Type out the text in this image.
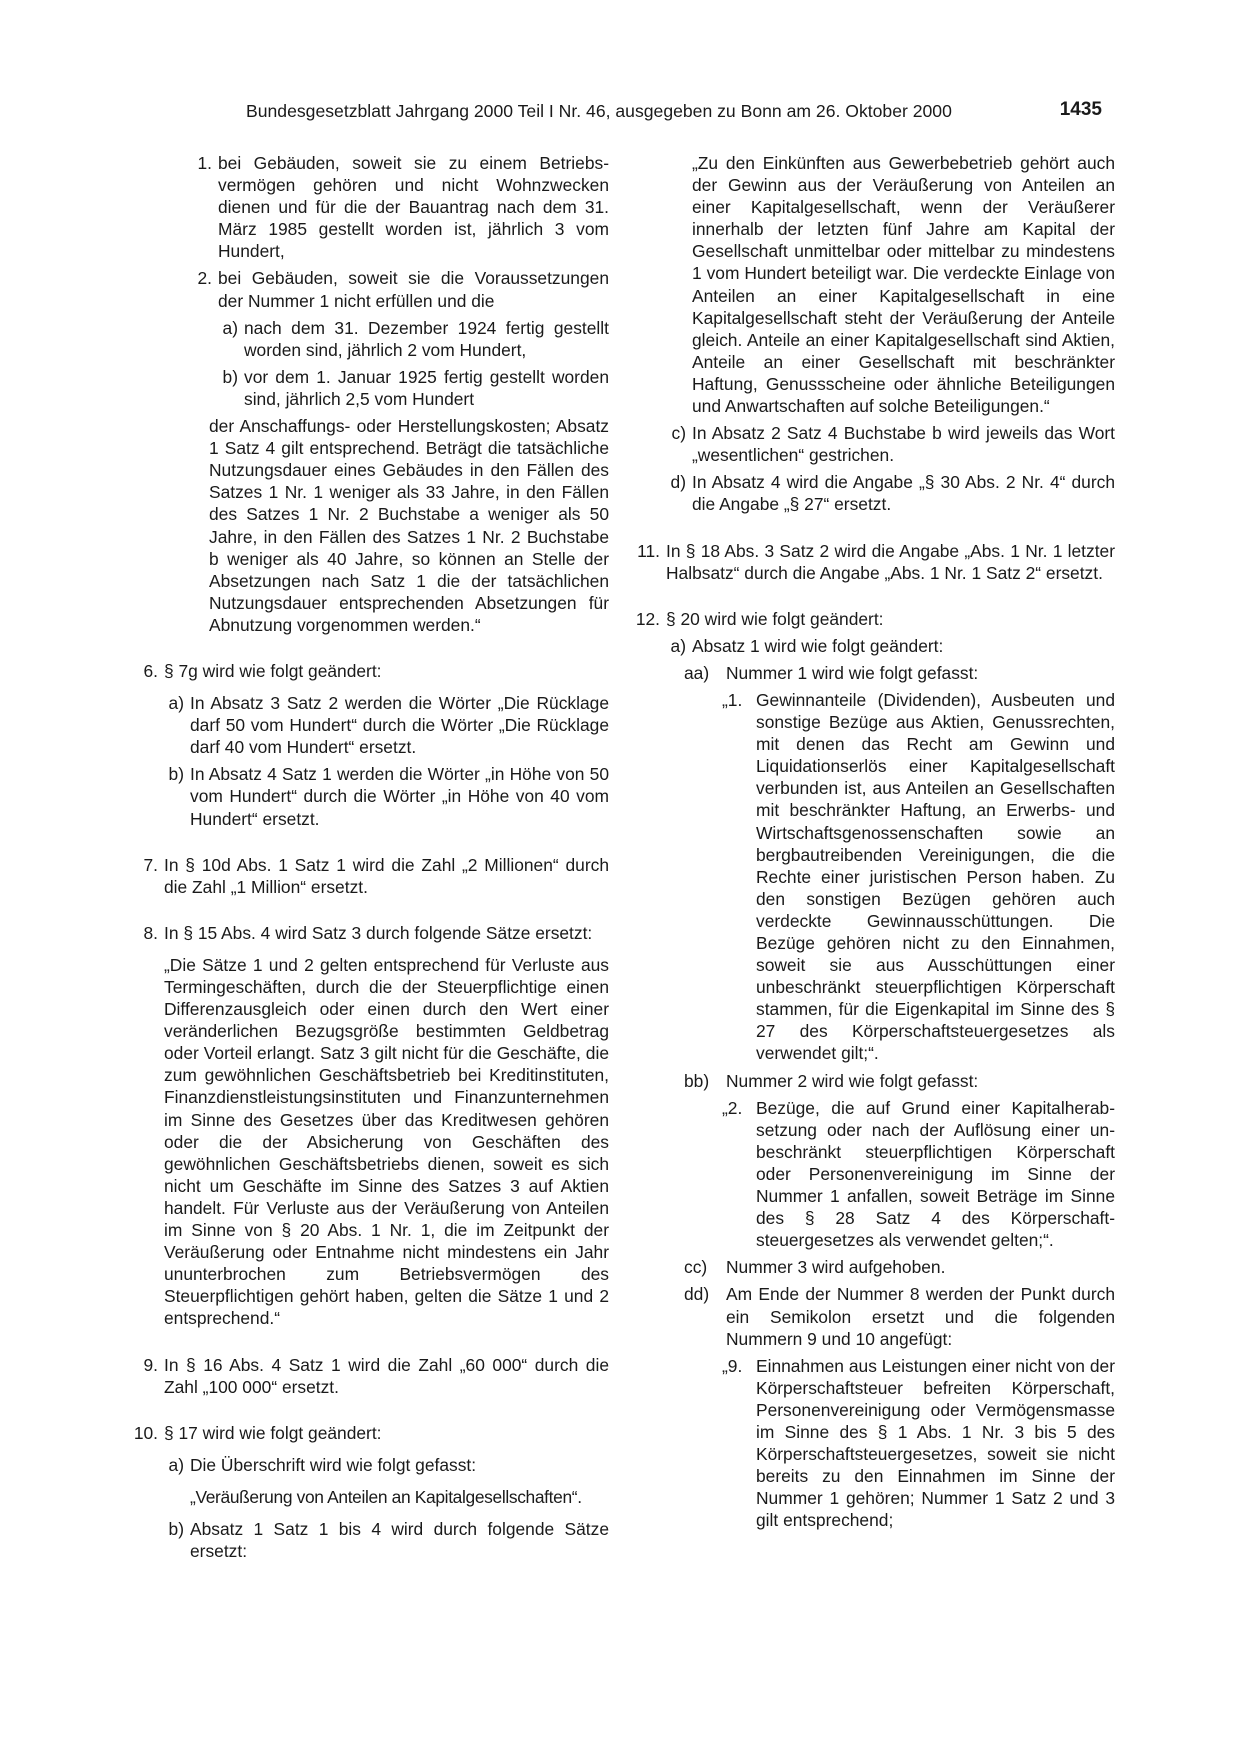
Bundesgesetzblatt Jahrgang 2000 Teil I Nr. 46, ausgegeben zu Bonn am 26. Oktober 2000	1435
1. bei Gebäuden, soweit sie zu einem Betriebsvermögen gehören und nicht Wohnzwecken dienen und für die der Bauantrag nach dem 31. März 1985 gestellt worden ist, jährlich 3 vom Hundert,
2. bei Gebäuden, soweit sie die Voraussetzungen der Nummer 1 nicht erfüllen und die
a) nach dem 31. Dezember 1924 fertig gestellt worden sind, jährlich 2 vom Hundert,
b) vor dem 1. Januar 1925 fertig gestellt worden sind, jährlich 2,5 vom Hundert
der Anschaffungs- oder Herstellungskosten; Absatz 1 Satz 4 gilt entsprechend. Beträgt die tatsächliche Nutzungsdauer eines Gebäudes in den Fällen des Satzes 1 Nr. 1 weniger als 33 Jahre, in den Fällen des Satzes 1 Nr. 2 Buchstabe a weniger als 50 Jahre, in den Fällen des Satzes 1 Nr. 2 Buchstabe b weniger als 40 Jahre, so können an Stelle der Absetzungen nach Satz 1 die der tatsächlichen Nutzungsdauer entsprechenden Absetzungen für Abnutzung vorgenommen werden.“
6. § 7g wird wie folgt geändert:
a) In Absatz 3 Satz 2 werden die Wörter „Die Rücklage darf 50 vom Hundert“ durch die Wörter „Die Rücklage darf 40 vom Hundert“ ersetzt.
b) In Absatz 4 Satz 1 werden die Wörter „in Höhe von 50 vom Hundert“ durch die Wörter „in Höhe von 40 vom Hundert“ ersetzt.
7. In § 10d Abs. 1 Satz 1 wird die Zahl „2 Millionen“ durch die Zahl „1 Million“ ersetzt.
8. In § 15 Abs. 4 wird Satz 3 durch folgende Sätze ersetzt:
„Die Sätze 1 und 2 gelten entsprechend für Verluste aus Termingeschäften, durch die der Steuerpflichtige einen Differenzausgleich oder einen durch den Wert einer veränderlichen Bezugsgröße bestimmten Geldbetrag oder Vorteil erlangt. Satz 3 gilt nicht für die Geschäfte, die zum gewöhnlichen Geschäftsbetrieb bei Kreditinstituten, Finanzdienstleistungsinstituten und Finanzunternehmen im Sinne des Gesetzes über das Kreditwesen gehören oder die der Absicherung von Geschäften des gewöhnlichen Geschäftsbetriebs dienen, soweit es sich nicht um Geschäfte im Sinne des Satzes 3 auf Aktien handelt. Für Verluste aus der Veräußerung von Anteilen im Sinne von § 20 Abs. 1 Nr. 1, die im Zeitpunkt der Veräußerung oder Entnahme nicht mindestens ein Jahr ununterbrochen zum Betriebsvermögen des Steuerpflichtigen gehört haben, gelten die Sätze 1 und 2 entsprechend.“
9. In § 16 Abs. 4 Satz 1 wird die Zahl „60 000“ durch die Zahl „100 000“ ersetzt.
10. § 17 wird wie folgt geändert:
a) Die Überschrift wird wie folgt gefasst:
„Veräußerung von Anteilen an Kapitalgesellschaften“.
b) Absatz 1 Satz 1 bis 4 wird durch folgende Sätze ersetzt:
„Zu den Einkünften aus Gewerbebetrieb gehört auch der Gewinn aus der Veräußerung von Anteilen an einer Kapitalgesellschaft, wenn der Veräußerer innerhalb der letzten fünf Jahre am Kapital der Gesellschaft unmittelbar oder mittelbar zu mindestens 1 vom Hundert beteiligt war. Die verdeckte Einlage von Anteilen an einer Kapitalgesellschaft in eine Kapitalgesellschaft steht der Veräußerung der Anteile gleich. Anteile an einer Kapitalgesellschaft sind Aktien, Anteile an einer Gesellschaft mit beschränkter Haftung, Genussscheine oder ähnliche Beteiligungen und Anwartschaften auf solche Beteiligungen.“
c) In Absatz 2 Satz 4 Buchstabe b wird jeweils das Wort „wesentlichen“ gestrichen.
d) In Absatz 4 wird die Angabe „§ 30 Abs. 2 Nr. 4“ durch die Angabe „§ 27“ ersetzt.
11. In § 18 Abs. 3 Satz 2 wird die Angabe „Abs. 1 Nr. 1 letzter Halbsatz“ durch die Angabe „Abs. 1 Nr. 1 Satz 2“ ersetzt.
12. § 20 wird wie folgt geändert:
a) Absatz 1 wird wie folgt geändert:
aa) Nummer 1 wird wie folgt gefasst:
„1. Gewinnanteile (Dividenden), Ausbeuten und sonstige Bezüge aus Aktien, Genussrechten, mit denen das Recht am Gewinn und Liquidationserlös einer Kapitalgesellschaft verbunden ist, aus Anteilen an Gesellschaften mit beschränkter Haftung, an Erwerbs- und Wirtschaftsgenossenschaften sowie an bergbautreibenden Vereinigungen, die die Rechte einer juristischen Person haben. Zu den sonstigen Bezügen gehören auch verdeckte Gewinnausschüttungen. Die Bezüge gehören nicht zu den Einnahmen, soweit sie aus Ausschüttungen einer unbeschränkt steuerpflichtigen Körperschaft stammen, für die Eigenkapital im Sinne des § 27 des Körperschaftsteuergesetzes als verwendet gilt;“.
bb) Nummer 2 wird wie folgt gefasst:
„2. Bezüge, die auf Grund einer Kapitalherabsetzung oder nach der Auflösung einer unbeschränkt steuerpflichtigen Körperschaft oder Personenvereinigung im Sinne der Nummer 1 anfallen, soweit Beträge im Sinne des § 28 Satz 4 des Körperschaftsteuergesetzes als verwendet gelten;“.
cc)	Nummer 3 wird aufgehoben.
dd) Am Ende der Nummer 8 werden der Punkt durch ein Semikolon ersetzt und die folgenden Nummern 9 und 10 angefügt:
„9. Einnahmen aus Leistungen einer nicht von der Körperschaftsteuer befreiten Körperschaft, Personenvereinigung oder Vermögensmasse im Sinne des § 1 Abs. 1 Nr. 3 bis 5 des Körperschaftsteuergesetzes, soweit sie nicht bereits zu den Einnahmen im Sinne der Nummer 1 gehören; Nummer 1 Satz 2 und 3 gilt entsprechend;
